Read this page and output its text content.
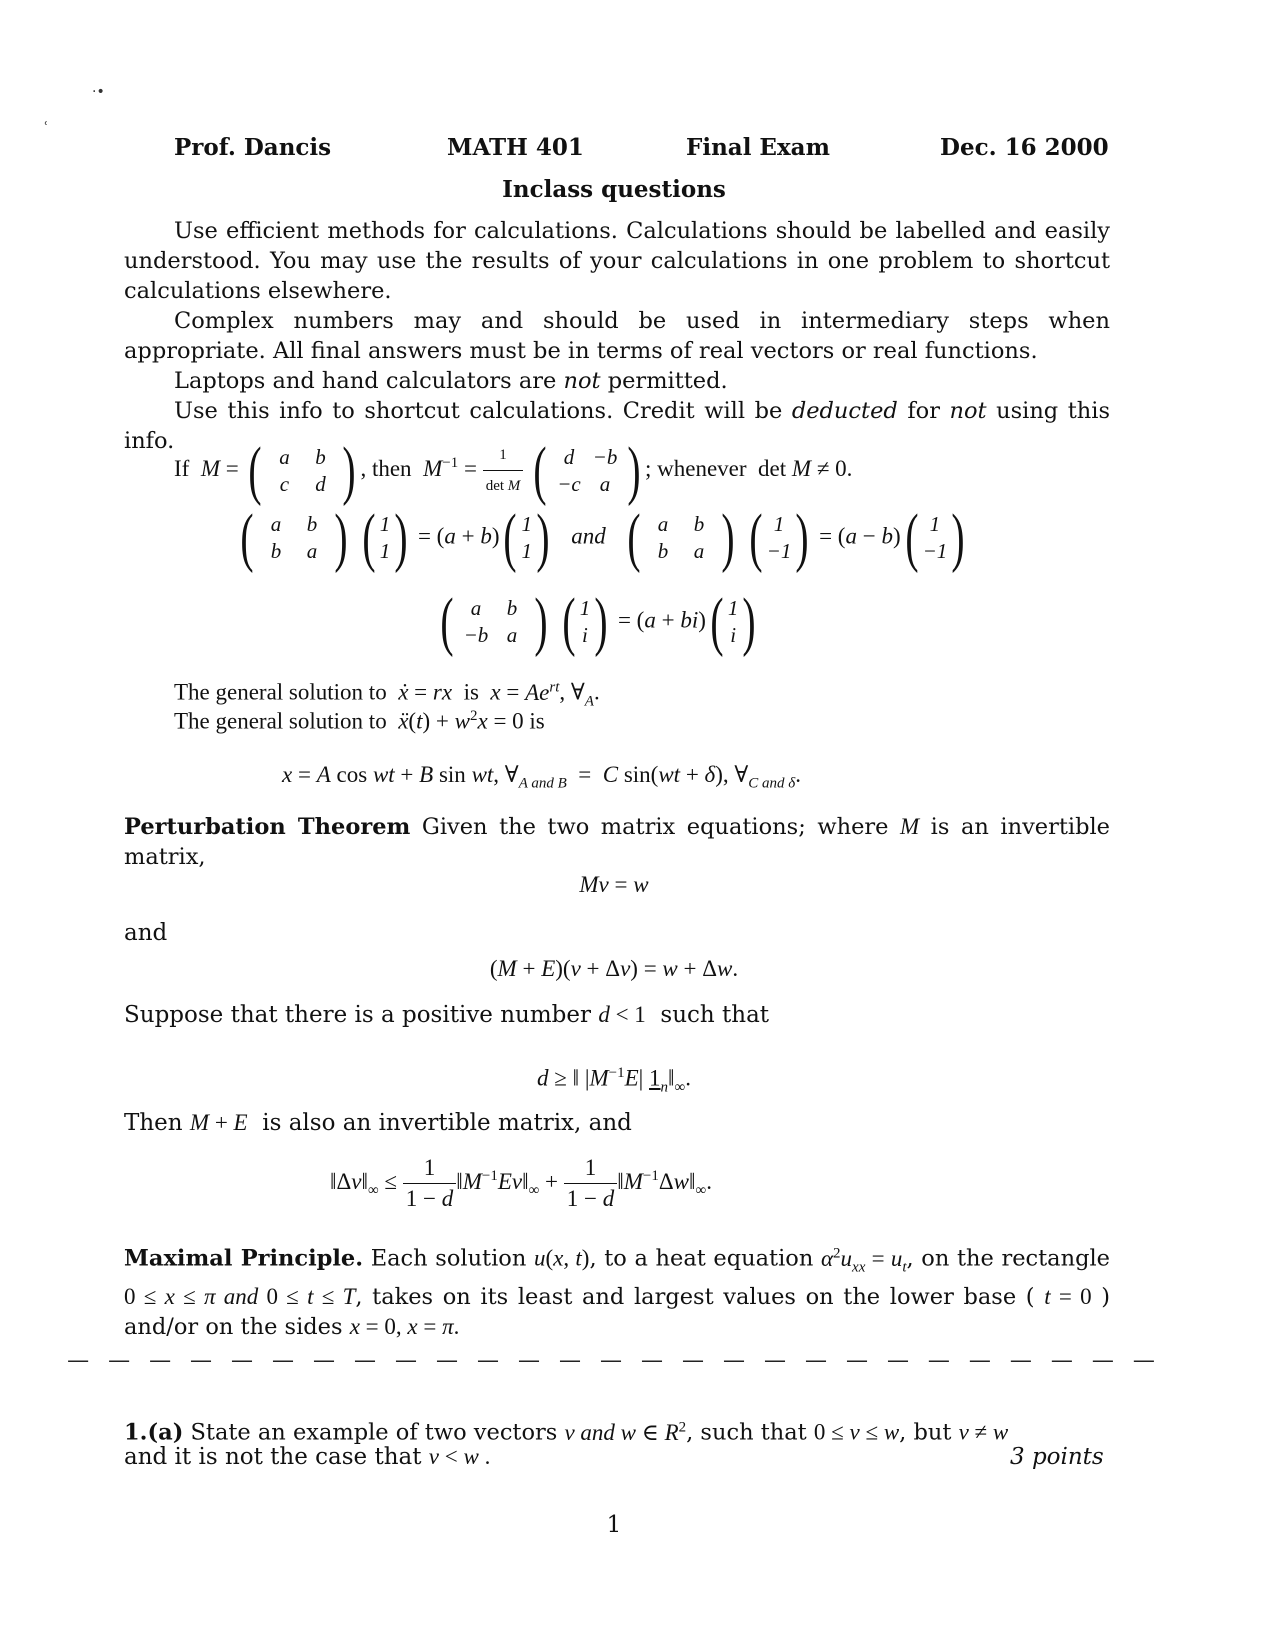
·•
ʿ
Prof. Dancis	MATH 401	Final Exam	Dec. 16 2000
Inclass questions
Use efficient methods for calculations. Calculations should be labelled and easily understood. You may use the results of your calculations in one problem to shortcut calculations elsewhere.
Complex numbers may and should be used in intermediary steps when appropriate. All final answers must be in terms of real vectors or real functions.
Laptops and hand calculators are not permitted.
Use this info to shortcut calculations. Credit will be deducted for not using this info.
If M = ( a b
c d ) , then $M^{-1} = \frac{1}{\text{det M}}$ ( d −b
−c a ) ; whenever  det M ≠ 0.
( a b
b a ) ( 1
1 ) = (a + b)( 1
1 ) and ( a b
b a ) ( 1
−1 ) = (a − b)( 1
−1 )
( a b
−b a ) ( 1
i ) = (a + bi)( 1
i )
The general solution to ẋ = rx is $x = Ae^{rt}$, $\forall_A$.
The general solution to ẍ(t) + $w^2x = 0$ is
x = A cos wt + B sin wt, $\forall_{A and B} = C$ sin(wt + δ), $\forall_{C and \delta}$.
Perturbation Theorem Given the two matrix equations; where M is an invertible matrix,
Mv = w
and
(M + E)(v + Δv) = w + Δw.
Suppose that there is a positive number d < 1  such that
d ≥ ‖ $|M^{-1}E|$ $1_n‖_\infty$.
Then M + E  is also an invertible matrix, and
$‖\Delta v‖_\infty \le \frac{1}{1 - d}$ $‖M^{-1}Ev‖_\infty + \frac{1}{1 - d}$ $‖M^{-1}\Delta w‖_\infty$.
Maximal Principle. Each solution u(x, t), to a heat equation $\alpha^2u_{xx} = u_t$, on the rectangle 0 ≤ x ≤ π and 0 ≤ t ≤ T, takes on its least and largest values on the lower base ( t = 0 ) and/or on the sides x = 0, x = π.
— — — — — — — — — — — — — — — — — — — — — — — — — — —
1.(a) State an example of two vectors v and w ∈ $R^2$, such that 0 ≤ v ≤ w, but v ≠ w
and it is not the case that v < w .	3 points
1
